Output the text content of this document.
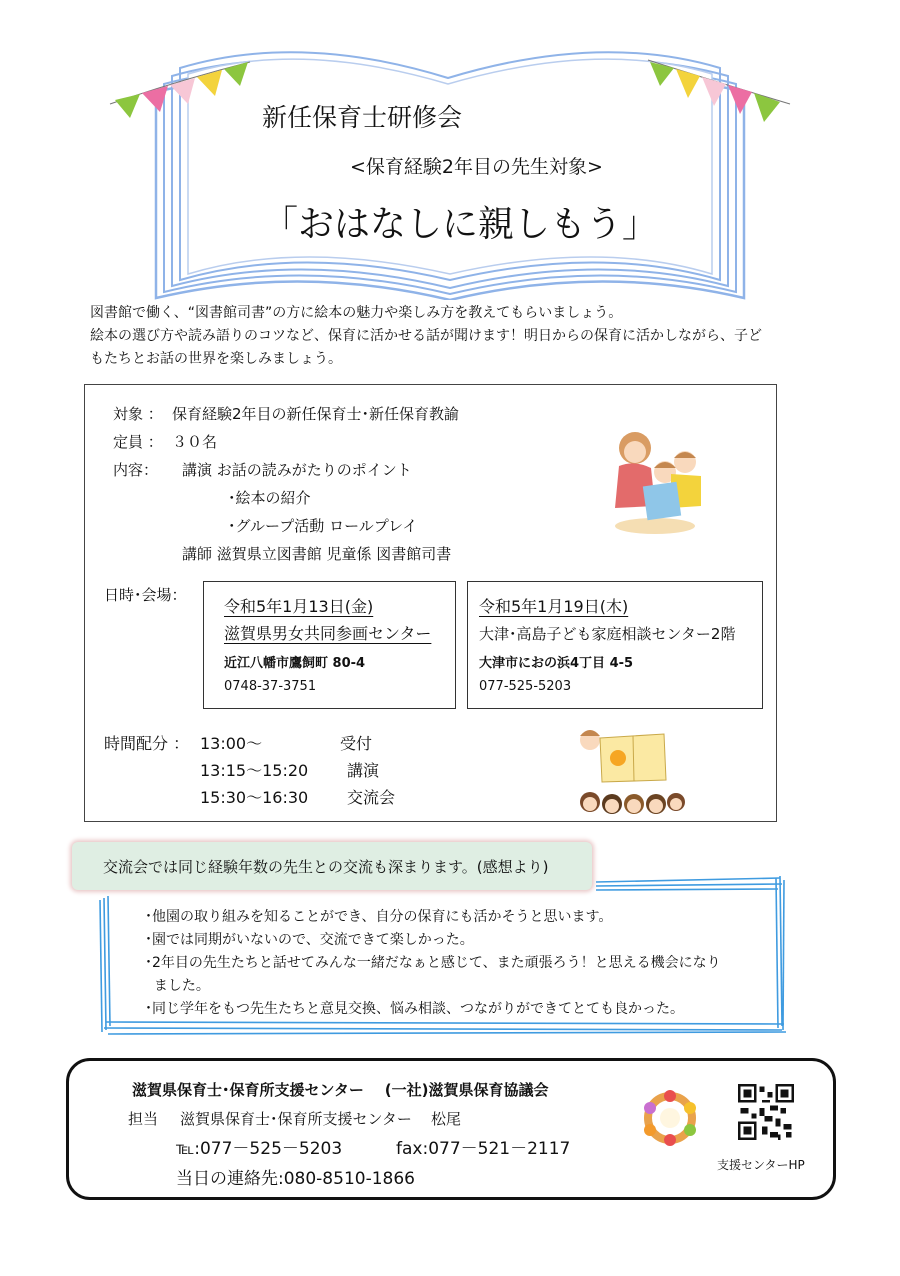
新任保育士研修会
<保育経験2年目の先生対象>
「おはなしに親しもう」
図書館で働く、“図書館司書”の方に絵本の魅力や楽しみ方を教えてもらいましょう。
絵本の選び方や読み語りのコツなど、保育に活かせる話が聞けます！明日からの保育に活かしながら、子ど
もたちとお話の世界を楽しみましょう。
対象 ： 保育経験2年目の新任保育士･新任保育教諭
定員 ： ３０名
内容： 講演 お話の読みがたりのポイント
･絵本の紹介
･グループ活動 ロールプレイ
講師 滋賀県立図書館 児童係 図書館司書
日時･会場：
令和5年1月13日(金)
滋賀県男女共同参画センター
近江八幡市鷹飼町 80-4
0748-37-3751
令和5年1月19日(木)
大津･高島子ども家庭相談センター2階
大津市におの浜4丁目 4-5
077-525-5203
時間配分 ： 13:00～	受付
13:15～15:20 講演
15:30～16:30 交流会
交流会では同じ経験年数の先生との交流も深まります。(感想より)
･他園の取り組みを知ることができ、自分の保育にも活かそうと思います。
･園では同期がいないので、交流できて楽しかった。
･2年目の先生たちと話せてみんな一緒だなぁと感じて、また頑張ろう！と思える機会になり
ました。
･同じ学年をもつ先生たちと意見交換、悩み相談、つながりができてとても良かった。
滋賀県保育士･保育所支援センター    (一社)滋賀県保育協議会
担当 滋賀県保育士･保育所支援センター    松尾
℡:077－525－5203	fax:077－521－2117
当日の連絡先:080-8510-1866
支援センターHP
